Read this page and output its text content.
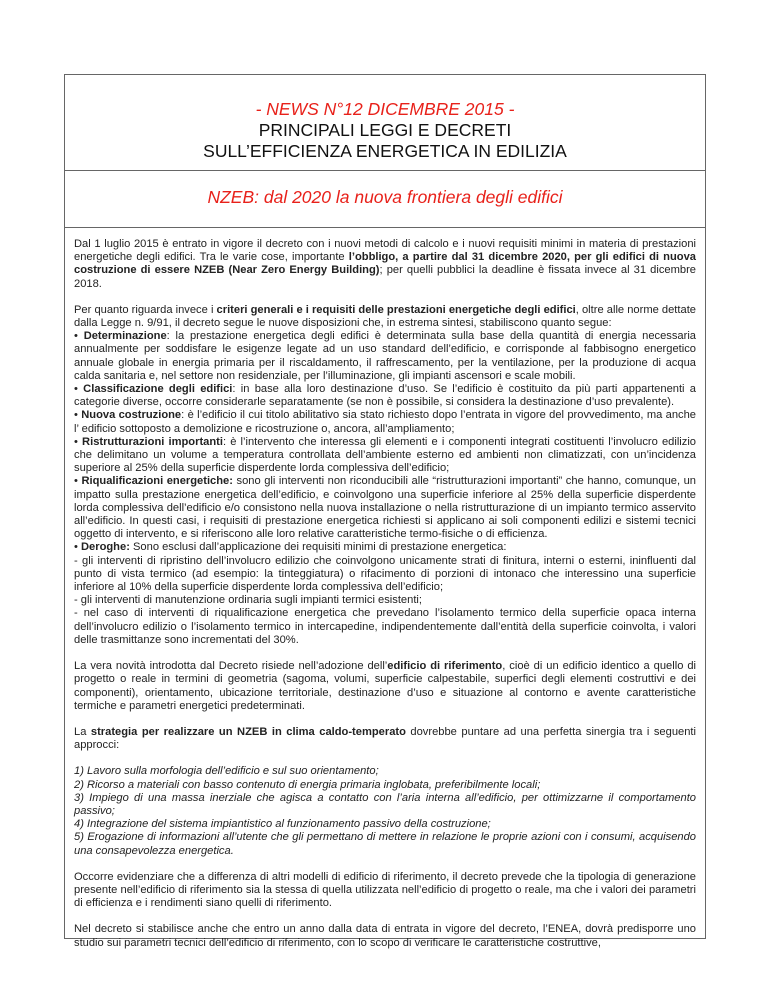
- NEWS N°12 DICEMBRE 2015 -
PRINCIPALI LEGGI E DECRETI
SULL’EFFICIENZA ENERGETICA IN EDILIZIA
NZEB: dal 2020 la nuova frontiera degli edifici

Dal 1 luglio 2015 è entrato in vigore il decreto con i nuovi metodi di calcolo e i nuovi requisiti minimi in materia di prestazioni energetiche degli edifici. Tra le varie cose, importante l’obbligo, a partire dal 31 dicembre 2020, per gli edifici di nuova costruzione di essere NZEB (Near Zero Energy Building); per quelli pubblici la deadline è fissata invece al 31 dicembre 2018.

Per quanto riguarda invece i criteri generali e i requisiti delle prestazioni energetiche degli edifici, oltre alle norme dettate dalla Legge n. 9/91, il decreto segue le nuove disposizioni che, in estrema sintesi, stabiliscono quanto segue:

• Determinazione: la prestazione energetica degli edifici è determinata sulla base della quantità di energia necessaria annualmente per soddisfare le esigenze legate ad un uso standard dell’edificio, e corrisponde al fabbisogno energetico annuale globale in energia primaria per il riscaldamento, il raffrescamento, per la ventilazione, per la produzione di acqua calda sanitaria e, nel settore non residenziale, per l’illuminazione, gli impianti ascensori e scale mobili.

• Classificazione degli edifici: in base alla loro destinazione d’uso. Se l’edificio è costituito da più parti appartenenti a categorie diverse, occorre considerarle separatamente (se non è possibile, si considera la destinazione d’uso prevalente).

• Nuova costruzione: è l’edificio il cui titolo abilitativo sia stato richiesto dopo l’entrata in vigore del provvedimento, ma anche l’ edificio sottoposto a demolizione e ricostruzione o, ancora, all’ampliamento;

• Ristrutturazioni importanti: è l’intervento che interessa gli elementi e i componenti integrati costituenti l’involucro edilizio che delimitano un volume a temperatura controllata dell’ambiente esterno ed ambienti non climatizzati, con un’incidenza superiore al 25% della superficie disperdente lorda complessiva dell’edificio;

• Riqualificazioni energetiche: sono gli interventi non riconducibili alle “ristrutturazioni importanti” che hanno, comunque, un impatto sulla prestazione energetica dell’edificio, e coinvolgono una superficie inferiore al 25% della superficie disperdente lorda complessiva dell’edificio e/o consistono nella nuova installazione o nella ristrutturazione di un impianto termico asservito all’edificio. In questi casi, i requisiti di prestazione energetica richiesti si applicano ai soli componenti edilizi e sistemi tecnici oggetto di intervento, e si riferiscono alle loro relative caratteristiche termo-fisiche o di efficienza.

• Deroghe: Sono esclusi dall’applicazione dei requisiti minimi di prestazione energetica:

- gli interventi di ripristino dell’involucro edilizio che coinvolgono unicamente strati di finitura, interni o esterni, ininfluenti dal punto di vista termico (ad esempio: la tinteggiatura) o rifacimento di porzioni di intonaco che interessino una superficie inferiore al 10% della superficie disperdente lorda complessiva dell’edificio;

- gli interventi di manutenzione ordinaria sugli impianti termici esistenti;

- nel caso di interventi di riqualificazione energetica che prevedano l’isolamento termico della superficie opaca interna dell’involucro edilizio o l’isolamento termico in intercapedine, indipendentemente dall’entità della superficie coinvolta, i valori delle trasmittanze sono incrementati del 30%.

La vera novità introdotta dal Decreto risiede nell’adozione dell’edificio di riferimento, cioè di un edificio identico a quello di progetto o reale in termini di geometria (sagoma, volumi, superficie calpestabile, superfici degli elementi costruttivi e dei componenti), orientamento, ubicazione territoriale, destinazione d’uso e situazione al contorno e avente caratteristiche termiche e parametri energetici predeterminati.

La strategia per realizzare un NZEB in clima caldo-temperato dovrebbe puntare ad una perfetta sinergia tra i seguenti approcci:

1) Lavoro sulla morfologia dell’edificio e sul suo orientamento;

2) Ricorso a materiali con basso contenuto di energia primaria inglobata, preferibilmente locali;

3) Impiego di una massa inerziale che agisca a contatto con l’aria interna all’edificio, per ottimizzarne il comportamento passivo;

4) Integrazione del sistema impiantistico al funzionamento passivo della costruzione;

5) Erogazione di informazioni all’utente che gli permettano di mettere in relazione le proprie azioni con i consumi, acquisendo una consapevolezza energetica.

Occorre evidenziare che a differenza di altri modelli di edificio di riferimento, il decreto prevede che la tipologia di generazione presente nell’edificio di riferimento sia la stessa di quella utilizzata nell’edificio di progetto o reale, ma che i valori dei parametri di efficienza e i rendimenti siano quelli di riferimento.

Nel decreto si stabilisce anche che entro un anno dalla data di entrata in vigore del decreto, l’ENEA, dovrà predisporre uno studio sui parametri tecnici dell’edificio di riferimento, con lo scopo di verificare le caratteristiche costruttive,
